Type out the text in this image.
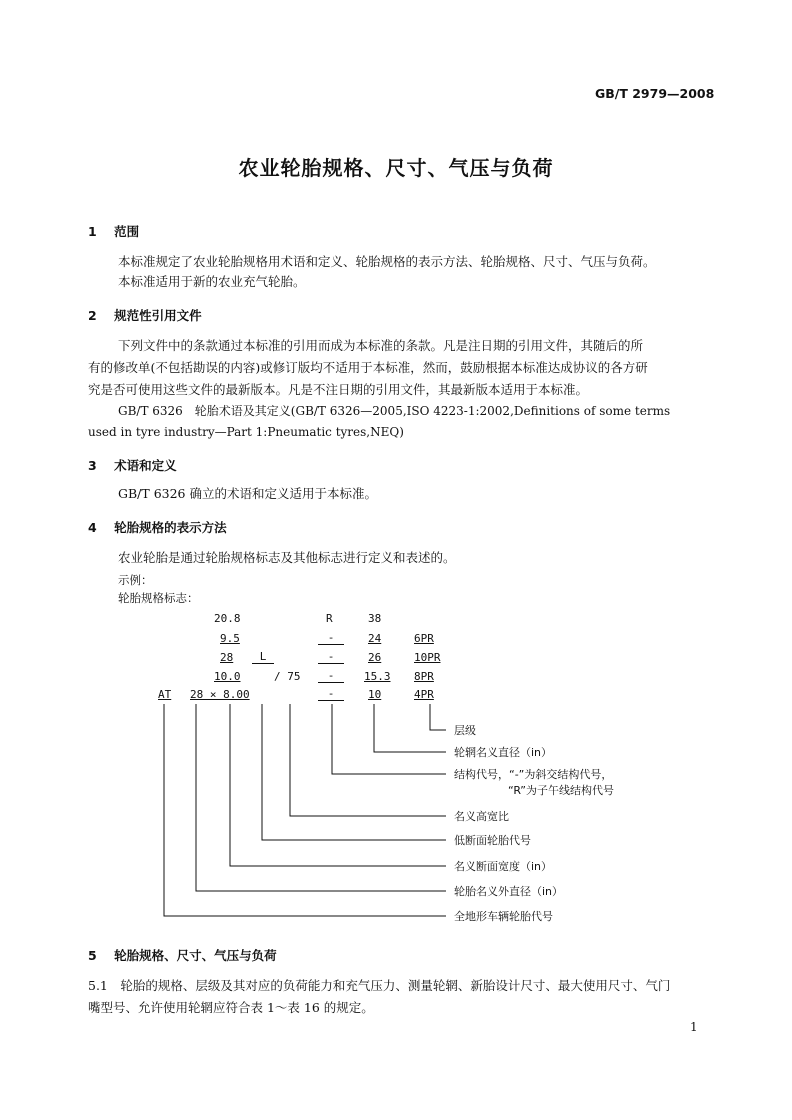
GB/T 2979—2008
农业轮胎规格、尺寸、气压与负荷
1 范围
本标准规定了农业轮胎规格用术语和定义、轮胎规格的表示方法、轮胎规格、尺寸、气压与负荷。
本标准适用于新的农业充气轮胎。
2 规范性引用文件
下列文件中的条款通过本标准的引用而成为本标准的条款。凡是注日期的引用文件，其随后的所
有的修改单(不包括勘误的内容)或修订版均不适用于本标准，然而，鼓励根据本标准达成协议的各方研
究是否可使用这些文件的最新版本。凡是不注日期的引用文件，其最新版本适用于本标准。
GB/T 6326　轮胎术语及其定义(GB/T 6326—2005,ISO 4223-1:2002,Definitions of some terms
used in tyre industry—Part 1:Pneumatic tyres,NEQ)
3 术语和定义
GB/T 6326 确立的术语和定义适用于本标准。
4 轮胎规格的表示方法
农业轮胎是通过轮胎规格标志及其他标志进行定义和表述的。
示例：
轮胎规格标志：
20.8	R	38
9.5	-	24	6PR
28	L	-	26	10PR
10.0	/ 75	-	15.3 8PR
AT 28 × 8.00	-	10	4PR
层级
轮辋名义直径（in）
结构代号，“-”为斜交结构代号，
“R”为子午线结构代号
名义高宽比
低断面轮胎代号
名义断面宽度（in）
轮胎名义外直径（in）
全地形车辆轮胎代号
5 轮胎规格、尺寸、气压与负荷
5.1　轮胎的规格、层级及其对应的负荷能力和充气压力、测量轮辋、新胎设计尺寸、最大使用尺寸、气门
嘴型号、允许使用轮辋应符合表 1～表 16 的规定。
1
